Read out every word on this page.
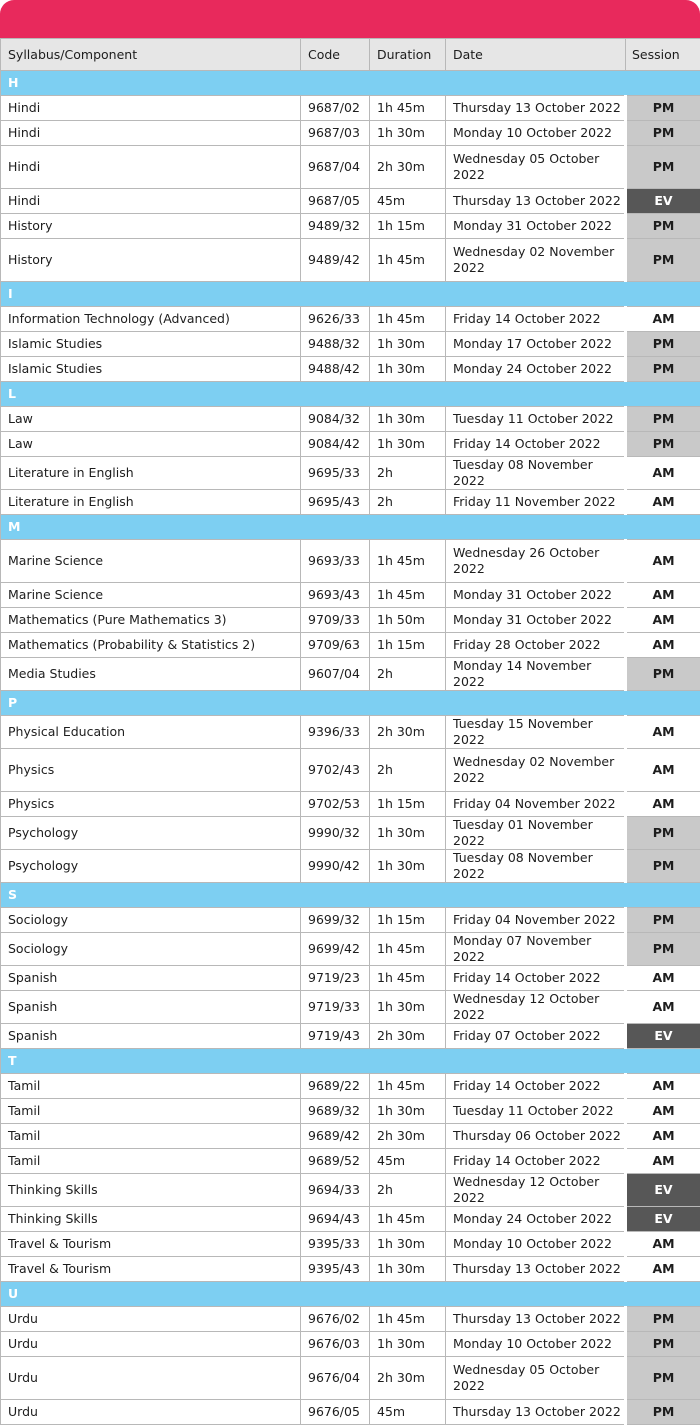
Syllabus/Component	Code	Duration	Date	Session
H				
Hindi	9687/02	1h 45m	Thursday 13 October 2022	PM
Hindi	9687/03	1h 30m	Monday 10 October 2022	PM
Hindi	9687/04	2h 30m	Wednesday 05 October 2022	PM
Hindi	9687/05	45m	Thursday 13 October 2022	EV
History	9489/32	1h 15m	Monday 31 October 2022	PM
History	9489/42	1h 45m	Wednesday 02 November 2022	PM
I				
Information Technology (Advanced)	9626/33	1h 45m	Friday 14 October 2022	AM
Islamic Studies	9488/32	1h 30m	Monday 17 October 2022	PM
Islamic Studies	9488/42	1h 30m	Monday 24 October 2022	PM
L				
Law	9084/32	1h 30m	Tuesday 11 October 2022	PM
Law	9084/42	1h 30m	Friday 14 October 2022	PM
Literature in English	9695/33	2h	Tuesday 08 November 2022	AM
Literature in English	9695/43	2h	Friday 11 November 2022	AM
M				
Marine Science	9693/33	1h 45m	Wednesday 26 October 2022	AM
Marine Science	9693/43	1h 45m	Monday 31 October 2022	AM
Mathematics (Pure Mathematics 3)	9709/33	1h 50m	Monday 31 October 2022	AM
Mathematics (Probability & Statistics 2)	9709/63	1h 15m	Friday 28 October 2022	AM
Media Studies	9607/04	2h	Monday 14 November 2022	PM
P				
Physical Education	9396/33	2h 30m	Tuesday 15 November 2022	AM
Physics	9702/43	2h	Wednesday 02 November 2022	AM
Physics	9702/53	1h 15m	Friday 04 November 2022	AM
Psychology	9990/32	1h 30m	Tuesday 01 November 2022	PM
Psychology	9990/42	1h 30m	Tuesday 08 November 2022	PM
S				
Sociology	9699/32	1h 15m	Friday 04 November 2022	PM
Sociology	9699/42	1h 45m	Monday 07 November 2022	PM
Spanish	9719/23	1h 45m	Friday 14 October 2022	AM
Spanish	9719/33	1h 30m	Wednesday 12 October 2022	AM
Spanish	9719/43	2h 30m	Friday 07 October 2022	EV
T				
Tamil	9689/22	1h 45m	Friday 14 October 2022	AM
Tamil	9689/32	1h 30m	Tuesday 11 October 2022	AM
Tamil	9689/42	2h 30m	Thursday 06 October 2022	AM
Tamil	9689/52	45m	Friday 14 October 2022	AM
Thinking Skills	9694/33	2h	Wednesday 12 October 2022	EV
Thinking Skills	9694/43	1h 45m	Monday 24 October 2022	EV
Travel & Tourism	9395/33	1h 30m	Monday 10 October 2022	AM
Travel & Tourism	9395/43	1h 30m	Thursday 13 October 2022	AM
U				
Urdu	9676/02	1h 45m	Thursday 13 October 2022	PM
Urdu	9676/03	1h 30m	Monday 10 October 2022	PM
Urdu	9676/04	2h 30m	Wednesday 05 October 2022	PM
Urdu	9676/05	45m	Thursday 13 October 2022	PM
